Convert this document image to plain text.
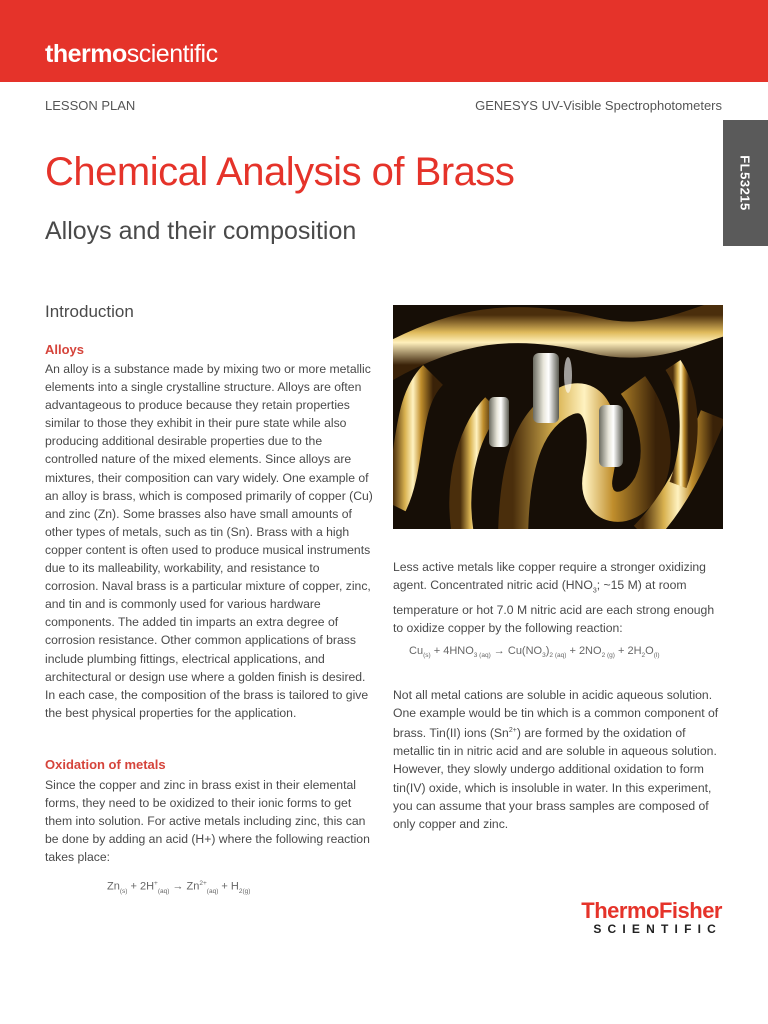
thermoscientific
LESSON PLAN	GENESYS UV-Visible Spectrophotometers
FL53215
Chemical Analysis of Brass
Alloys and their composition
Introduction
Alloys
An alloy is a substance made by mixing two or more metallic elements into a single crystalline structure. Alloys are often advantageous to produce because they retain properties similar to those they exhibit in their pure state while also producing additional desirable properties due to the controlled nature of the mixed elements. Since alloys are mixtures, their composition can vary widely. One example of an alloy is brass, which is composed primarily of copper (Cu) and zinc (Zn). Some brasses also have small amounts of other types of metals, such as tin (Sn). Brass with a high copper content is often used to produce musical instruments due to its malleability, workability, and resistance to corrosion. Naval brass is a particular mixture of copper, zinc, and tin and is commonly used for various hardware components. The added tin imparts an extra degree of corrosion resistance. Other common applications of brass include plumbing fittings, electrical applications, and architectural or design use where a golden finish is desired. In each case, the composition of the brass is tailored to give the best physical properties for the application.
Oxidation of metals
Since the copper and zinc in brass exist in their elemental forms, they need to be oxidized to their ionic forms to get them into solution. For active metals including zinc, this can be done by adding an acid (H+) where the following reaction takes place:
$Zn_{(s)} + 2H^+_{(aq)} \to Zn^{2+}_{(aq)} + H_{2(g)}$
Less active metals like copper require a stronger oxidizing agent. Concentrated nitric acid ($HNO_3$; ~15 M) at room temperature or hot 7.0 M nitric acid are each strong enough to oxidize copper by the following reaction:
$Cu_{(s)} + 4HNO_{3 (aq)} \to Cu(NO_3)_{2 (aq)} + 2NO_{2 (g)} + 2H_2O_{(l)}$
Not all metal cations are soluble in acidic aqueous solution. One example would be tin which is a common component of brass. Tin(II) ions $(Sn^{2+})$ are formed by the oxidation of metallic tin in nitric acid and are soluble in aqueous solution. However, they slowly undergo additional oxidation to form tin(IV) oxide, which is insoluble in water. In this experiment, you can assume that your brass samples are composed of only copper and zinc.
ThermoFisher
SCIENTIFIC
